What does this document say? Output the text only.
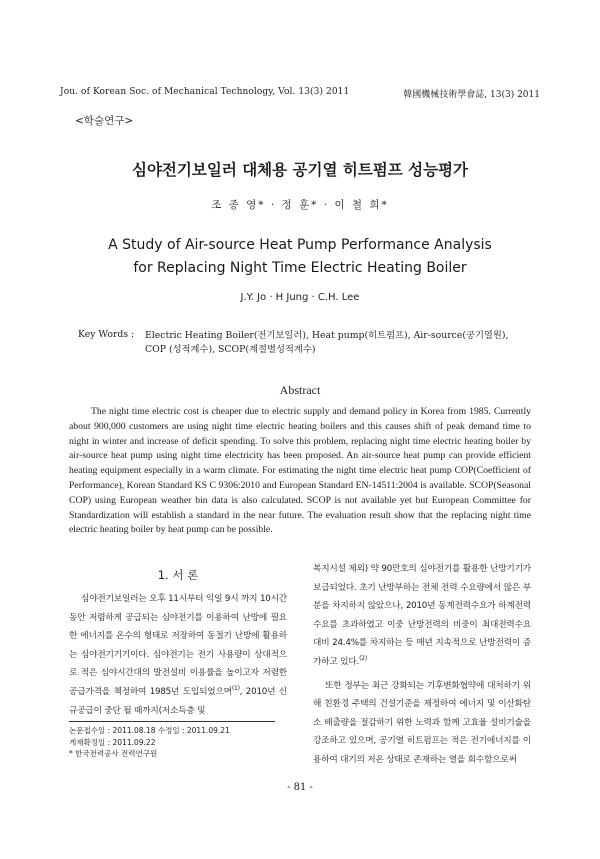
Jou. of Korean Soc. of Mechanical Technology, Vol. 13(3) 2011	韓國機械技術學會誌, 13(3) 2011
<학술연구>
심야전기보일러 대체용 공기열 히트펌프 성능평가
조 종 영* · 정 훈* · 이 철 희*
A Study of Air-source Heat Pump Performance Analysis
for Replacing Night Time Electric Heating Boiler
J.Y. Jo · H Jung · C.H. Lee
Key Words : Electric Heating Boiler(전기보일러), Heat pump(히트펌프), Air-source(공기열원), COP (성적계수), SCOP(계절별성적계수)
Abstract
The night time electric cost is cheaper due to electric supply and demand policy in Korea from 1985. Currently about 900,000 customers are using night time electric heating boilers and this causes shift of peak demand time to night in winter and increase of deficit spending. To solve this problem, replacing night time electric heating boiler by air-source heat pump using night time electricity has been proposed. An air-source heat pump can provide efficient heating equipment especially in a warm climate. For estimating the night time electric heat pump COP(Coefficient of Performance), Korean Standard KS C 9306:2010 and European Standard EN-14511:2004 is available. SCOP(Seasonal COP) using European weather bin data is also calculated. SCOP is not available yet but European Committee for Standardization will establish a standard in the near future. The evaluation result show that the replacing night time electric heating boiler by heat pump can be possible.
1. 서 론
심야전기보일러는 오후 11시부터 익일 9시 까지 10시간동안 저렴하게 공급되는 심야전기를 이용하여 난방에 필요한 에너지를 온수의 형태로 저장하여 동절기 난방에 활용하는 심야전기기기이다. 심야전기는 전기 사용량이 상대적으로 적은 심야시간대의 발전설비 이용률을 높이고자 저렴한 공급가격을 책정하여 1985년 도입되었으며$^{(1)}$, 2010년 신규공급이 중단 될 때까지(저소득층 및

복지시설 제외) 약 90만호의 심야전기를 활용한 난방기기가 보급되었다. 초기 난방부하는 전체 전력 수요량에서 많은 부분을 차지하지 않았으나, 2010년 동계전력수요가 하계전력수요를 초과하였고 이중 난방전력의 비중이 최대전력수요 대비 24.4%를 차지하는 등 매년 지속적으로 난방전력이 증가하고 있다.$^{(2)}$

또한 정부는 최근 강화되는 기후변화협약에 대처하기 위해 친환경 주택의 건설기준을 제정하여 에너지 및 이산화탄소 배출량을 절감하기 위한 노력과 함께 고효율 설비기술을 강조하고 있으며, 공기열 히트펌프는 적은 전기에너지를 이용하여 대기의 저온 상태로 존재하는 열을 회수함으로써

논문접수일 : 2011.08.18 수정일 : 2011.09.21
게재확정일 : 2011.09.22
* 한국전력공사 전력연구원
- 81 -
